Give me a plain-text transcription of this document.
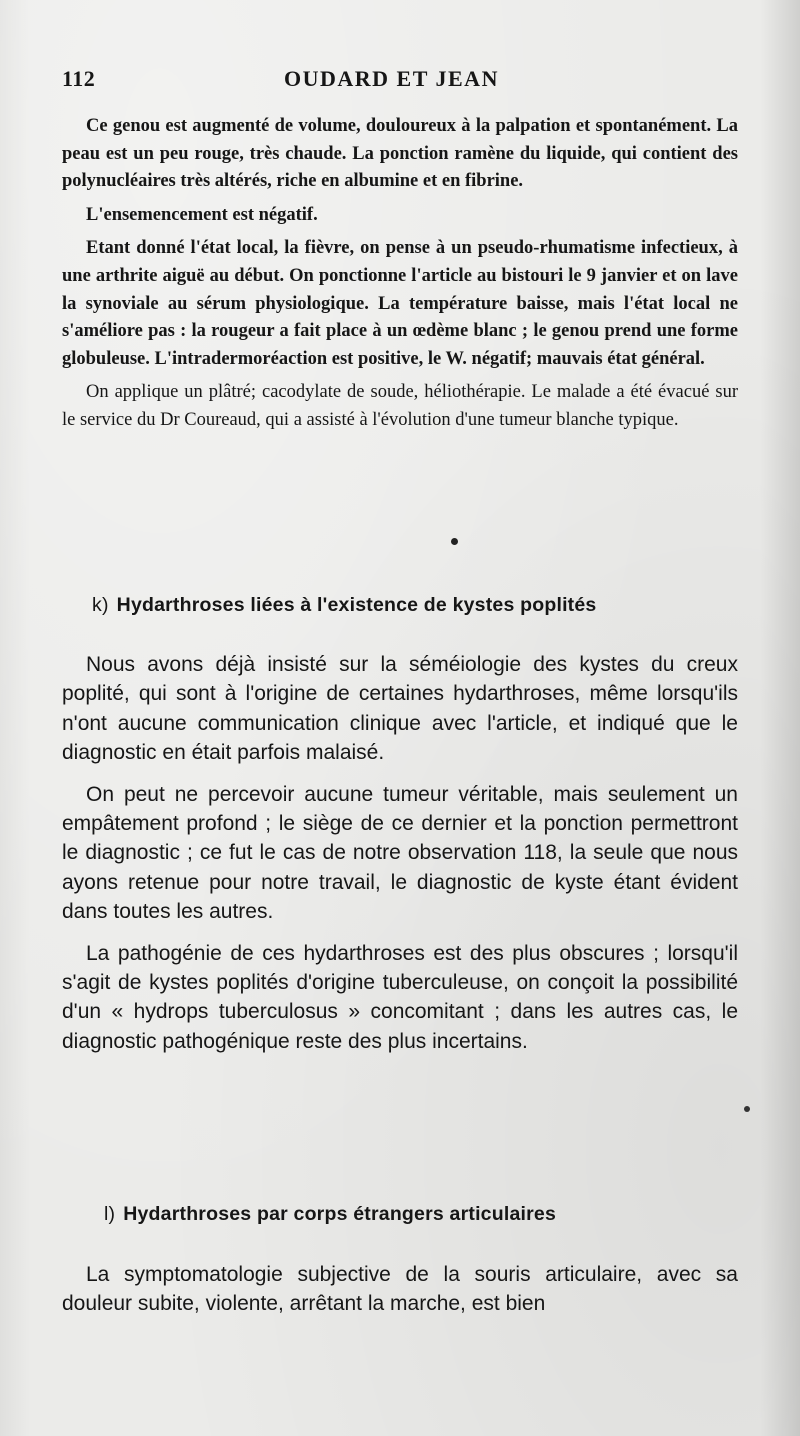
112	OUDARD ET JEAN

Ce genou est augmenté de volume, douloureux à la palpation et spontanément. La peau est un peu rouge, très chaude. La ponction ramène du liquide, qui contient des polynucléaires très altérés, riche en albumine et en fibrine.

L'ensemencement est négatif.

Etant donné l'état local, la fièvre, on pense à un pseudo-rhumatisme infectieux, à une arthrite aiguë au début. On ponctionne l'article au bistouri le 9 janvier et on lave la synoviale au sérum physiologique. La température baisse, mais l'état local ne s'améliore pas : la rougeur a fait place à un œdème blanc ; le genou prend une forme globuleuse. L'intradermoréaction est positive, le W. négatif; mauvais état général.

On applique un plâtré; cacodylate de soude, héliothérapie. Le malade a été évacué sur le service du Dr Coureaud, qui a assisté à l'évolution d'une tumeur blanche typique.

k) Hydarthroses liées à l'existence de kystes poplités

Nous avons déjà insisté sur la séméiologie des kystes du creux poplité, qui sont à l'origine de certaines hydarthroses, même lorsqu'ils n'ont aucune communication clinique avec l'article, et indiqué que le diagnostic en était parfois malaisé.

On peut ne percevoir aucune tumeur véritable, mais seulement un empâtement profond ; le siège de ce dernier et la ponction permettront le diagnostic ; ce fut le cas de notre observation 118, la seule que nous ayons retenue pour notre travail, le diagnostic de kyste étant évident dans toutes les autres.

La pathogénie de ces hydarthroses est des plus obscures ; lorsqu'il s'agit de kystes poplités d'origine tuberculeuse, on conçoit la possibilité d'un « hydrops tuberculosus » concomitant ; dans les autres cas, le diagnostic pathogénique reste des plus incertains.

l) Hydarthroses par corps étrangers articulaires

La symptomatologie subjective de la souris articulaire, avec sa douleur subite, violente, arrêtant la marche, est bien
